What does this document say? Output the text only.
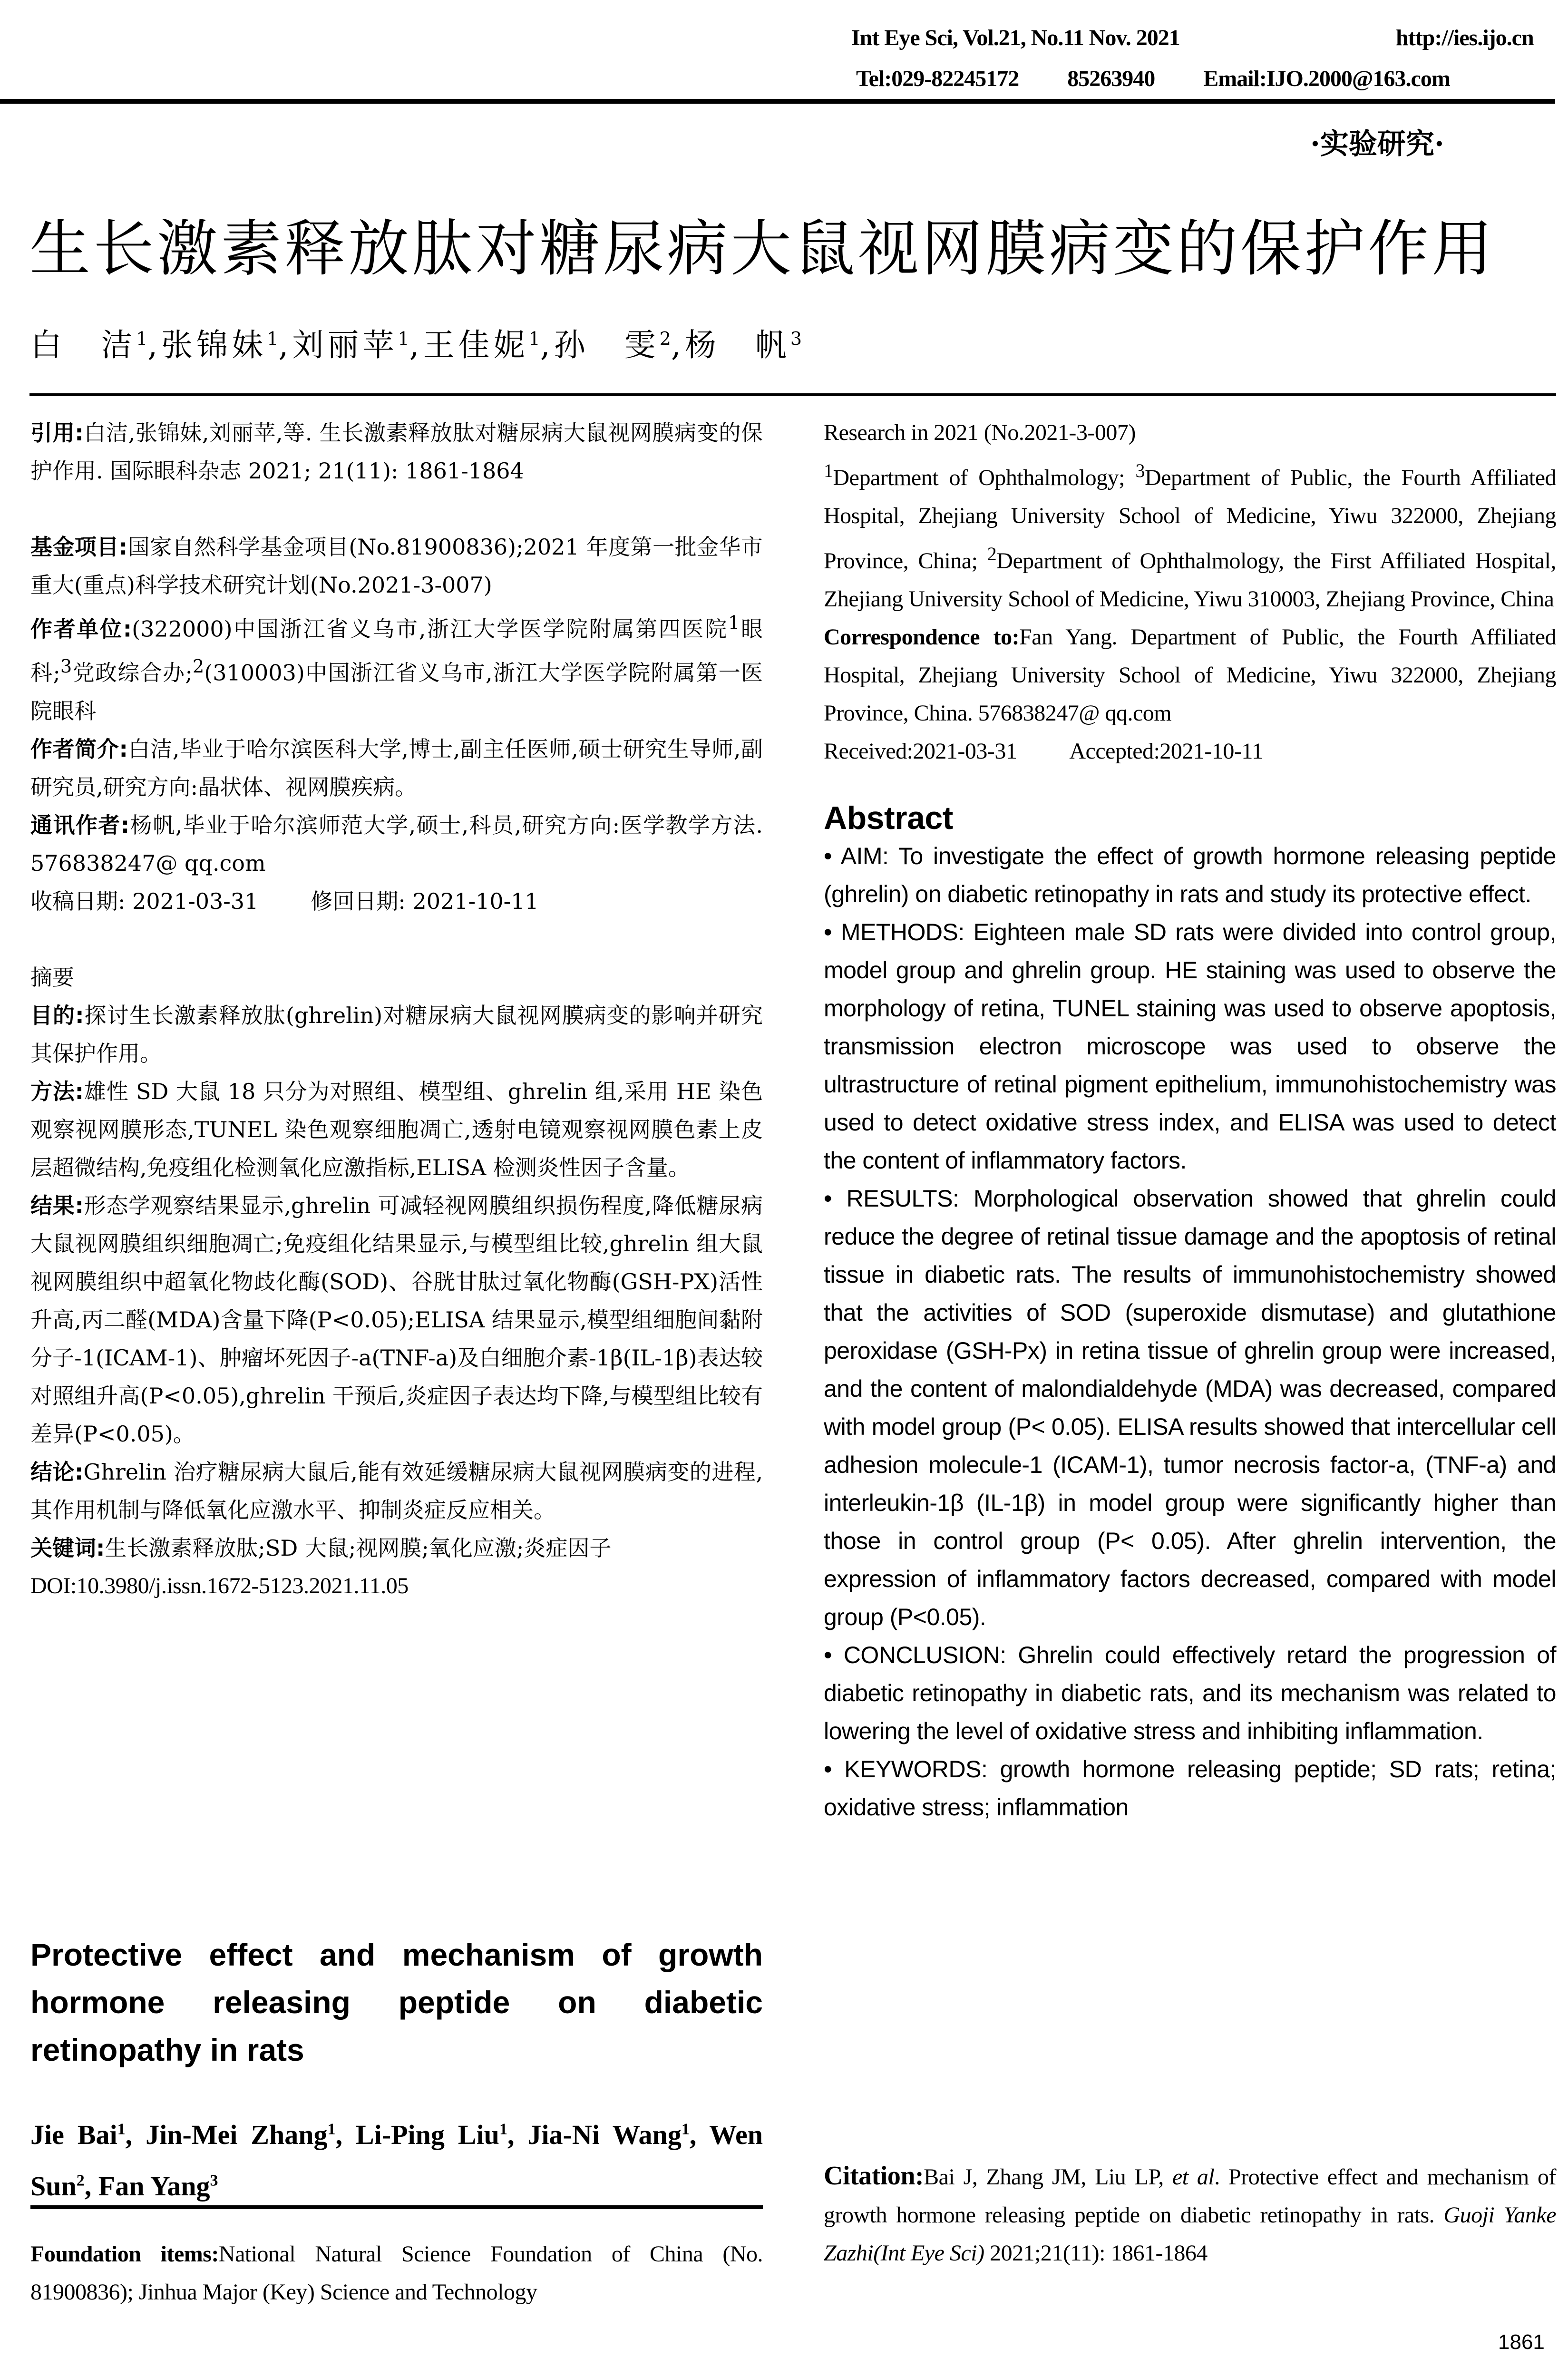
Int Eye Sci, Vol.21, No.11 Nov. 2021	http://ies.ijo.cn
Tel:029-82245172 85263940 Email:IJO.2000@163.com
·实验研究·
生长激素释放肽对糖尿病大鼠视网膜病变的保护作用
白　洁$^1$,张锦妹$^1$,刘丽苹$^1$,王佳妮$^1$,孙　雯$^2$,杨　帆$^3$

引用:白洁,张锦妹,刘丽苹,等. 生长激素释放肽对糖尿病大鼠视网膜病变的保护作用. 国际眼科杂志 2021; 21(11): 1861-1864

基金项目:国家自然科学基金项目(No.81900836);2021 年度第一批金华市重大(重点)科学技术研究计划(No.2021-3-007)

作者单位:(322000)中国浙江省义乌市,浙江大学医学院附属第四医院$^1$眼科;$^3$党政综合办;$^2$(310003)中国浙江省义乌市,浙江大学医学院附属第一医院眼科

作者简介:白洁,毕业于哈尔滨医科大学,博士,副主任医师,硕士研究生导师,副研究员,研究方向:晶状体、视网膜疾病。

通讯作者:杨帆,毕业于哈尔滨师范大学,硕士,科员,研究方向:医学教学方法. 576838247@ qq.com

收稿日期: 2021-03-31 修回日期: 2021-10-11

摘要

目的:探讨生长激素释放肽(ghrelin)对糖尿病大鼠视网膜病变的影响并研究其保护作用。

方法:雄性 SD 大鼠 18 只分为对照组、模型组、ghrelin 组,采用 HE 染色观察视网膜形态,TUNEL 染色观察细胞凋亡,透射电镜观察视网膜色素上皮层超微结构,免疫组化检测氧化应激指标,ELISA 检测炎性因子含量。

结果:形态学观察结果显示,ghrelin 可减轻视网膜组织损伤程度,降低糖尿病大鼠视网膜组织细胞凋亡;免疫组化结果显示,与模型组比较,ghrelin 组大鼠视网膜组织中超氧化物歧化酶(SOD)、谷胱甘肽过氧化物酶(GSH-PX)活性升高,丙二醛(MDA)含量下降(P<0.05);ELISA 结果显示,模型组细胞间黏附分子-1(ICAM-1)、肿瘤坏死因子-a(TNF-a)及白细胞介素-1β(IL-1β)表达较对照组升高(P<0.05),ghrelin 干预后,炎症因子表达均下降,与模型组比较有差异(P<0.05)。

结论:Ghrelin 治疗糖尿病大鼠后,能有效延缓糖尿病大鼠视网膜病变的进程,其作用机制与降低氧化应激水平、抑制炎症反应相关。

关键词:生长激素释放肽;SD 大鼠;视网膜;氧化应激;炎症因子

DOI:10.3980/j.issn.1672-5123.2021.11.05

Protective effect and mechanism of growth hormone releasing peptide on diabetic retinopathy in rats
Jie Bai$^1$, Jin-Mei Zhang$^1$, Li-Ping Liu$^1$, Jia-Ni Wang$^1$, Wen Sun$^2$, Fan Yang$^3$
Foundation items:National Natural Science Foundation of China (No. 81900836); Jinhua Major (Key) Science and Technology

Research in 2021 (No.2021-3-007)

$^1$Department of Ophthalmology; $^3$Department of Public, the Fourth Affiliated Hospital, Zhejiang University School of Medicine, Yiwu 322000, Zhejiang Province, China; $^2$Department of Ophthalmology, the First Affiliated Hospital, Zhejiang University School of Medicine, Yiwu 310003, Zhejiang Province, China

Correspondence to:Fan Yang. Department of Public, the Fourth Affiliated Hospital, Zhejiang University School of Medicine, Yiwu 322000, Zhejiang Province, China. 576838247@ qq.com

Received:2021-03-31 Accepted:2021-10-11

Abstract

• AIM: To investigate the effect of growth hormone releasing peptide (ghrelin) on diabetic retinopathy in rats and study its protective effect.

• METHODS: Eighteen male SD rats were divided into control group, model group and ghrelin group. HE staining was used to observe the morphology of retina, TUNEL staining was used to observe apoptosis, transmission electron microscope was used to observe the ultrastructure of retinal pigment epithelium, immunohistochemistry was used to detect oxidative stress index, and ELISA was used to detect the content of inflammatory factors.

• RESULTS: Morphological observation showed that ghrelin could reduce the degree of retinal tissue damage and the apoptosis of retinal tissue in diabetic rats. The results of immunohistochemistry showed that the activities of SOD (superoxide dismutase) and glutathione peroxidase (GSH-Px) in retina tissue of ghrelin group were increased, and the content of malondialdehyde (MDA) was decreased, compared with model group (P< 0.05). ELISA results showed that intercellular cell adhesion molecule-1 (ICAM-1), tumor necrosis factor-a, (TNF-a) and interleukin-1β (IL-1β) in model group were significantly higher than those in control group (P< 0.05). After ghrelin intervention, the expression of inflammatory factors decreased, compared with model group (P<0.05).

• CONCLUSION: Ghrelin could effectively retard the progression of diabetic retinopathy in diabetic rats, and its mechanism was related to lowering the level of oxidative stress and inhibiting inflammation.

• KEYWORDS: growth hormone releasing peptide; SD rats; retina; oxidative stress; inflammation

Citation:Bai J, Zhang JM, Liu LP, et al. Protective effect and mechanism of growth hormone releasing peptide on diabetic retinopathy in rats. Guoji Yanke Zazhi(Int Eye Sci) 2021;21(11): 1861-1864
1861
